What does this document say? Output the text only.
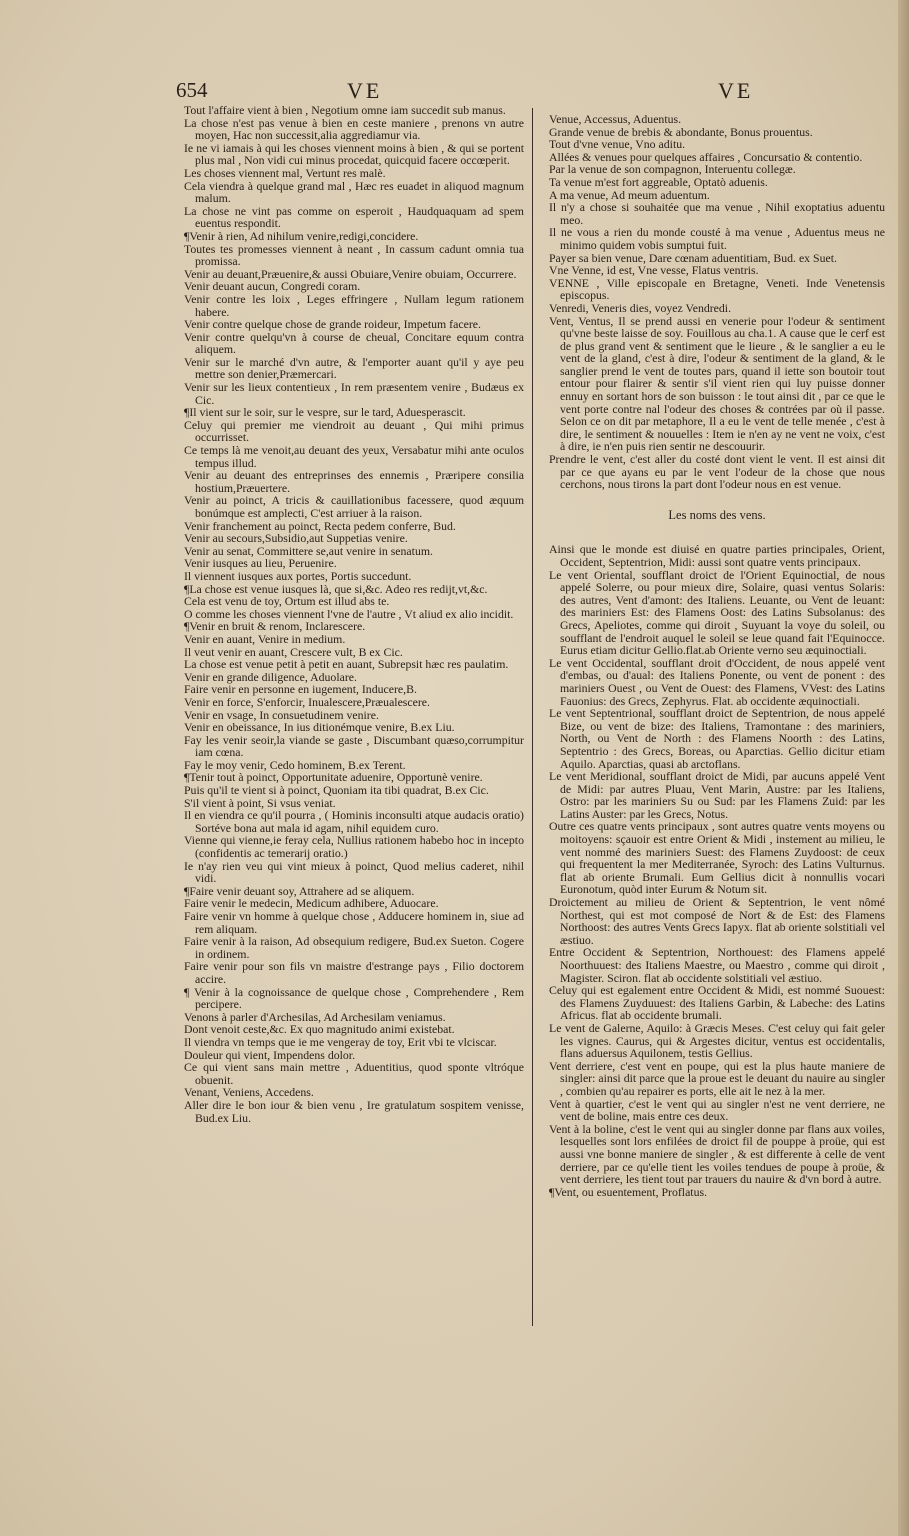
654	VE	VE

Tout l'affaire vient à bien , Negotium omne iam succedit sub manus.

La chose n'est pas venue à bien en ceste maniere , prenons vn autre moyen, Hac non successit,alia aggrediamur via.

Ie ne vi iamais à qui les choses viennent moins à bien , & qui se portent plus mal , Non vidi cui minus procedat, quicquid facere occœperit.

Les choses viennent mal, Vertunt res malè.

Cela viendra à quelque grand mal , Hæc res euadet in aliquod magnum malum.

La chose ne vint pas comme on esperoit , Haudquaquam ad spem euentus respondit.

¶Venir à rien, Ad nihilum venire,redigi,concidere.

Toutes tes promesses viennent à neant , In cassum cadunt omnia tua promissa.

Venir au deuant,Præuenire,& aussi Obuiare,Venire obuiam, Occurrere.

Venir deuant aucun, Congredi coram.

Venir contre les loix , Leges effringere , Nullam legum rationem habere.

Venir contre quelque chose de grande roideur, Impetum facere.

Venir contre quelqu'vn à course de cheual, Concitare equum contra aliquem.

Venir sur le marché d'vn autre, & l'emporter auant qu'il y aye peu mettre son denier,Præmercari.

Venir sur les lieux contentieux , In rem præsentem venire , Budæus ex Cic.

¶Il vient sur le soir, sur le vespre, sur le tard, Aduesperascit.

Celuy qui premier me viendroit au deuant , Qui mihi primus occurrisset.

Ce temps là me venoit,au deuant des yeux, Versabatur mihi ante oculos tempus illud.

Venir au deuant des entreprinses des ennemis , Præripere consilia hostium,Præuertere.

Venir au poinct, A tricis & cauillationibus facessere, quod æquum bonúmque est amplecti, C'est arriuer à la raison.

Venir franchement au poinct, Recta pedem conferre, Bud.

Venir au secours,Subsidio,aut Suppetias venire.

Venir au senat, Committere se,aut venire in senatum.

Venir iusques au lieu, Peruenire.

Il viennent iusques aux portes, Portis succedunt.

¶La chose est venue iusques là, que si,&c. Adeo res redijt,vt,&c.

Cela est venu de toy, Ortum est illud abs te.

O comme les choses viennent l'vne de l'autre , Vt aliud ex alio incidit.

¶Venir en bruit & renom, Inclarescere.

Venir en auant, Venire in medium.

Il veut venir en auant, Crescere vult, B ex Cic.

La chose est venue petit à petit en auant, Subrepsit hæc res paulatim.

Venir en grande diligence, Aduolare.

Faire venir en personne en iugement, Inducere,B.

Venir en force, S'enforcir, Inualescere,Præualescere.

Venir en vsage, In consuetudinem venire.

Venir en obeissance, In ius ditionémque venire, B.ex Liu.

Fay les venir seoir,la viande se gaste , Discumbant quæso,corrumpitur iam cœna.

Fay le moy venir, Cedo hominem, B.ex Terent.

¶Tenir tout à poinct, Opportunitate aduenire, Opportunè venire.

Puis qu'il te vient si à poinct, Quoniam ita tibi quadrat, B.ex Cic.

S'il vient à point, Si vsus veniat.

Il en viendra ce qu'il pourra , ( Hominis inconsulti atque audacis oratio) Sortéve bona aut mala id agam, nihil equidem curo.

Vienne qui vienne,ie feray cela, Nullius rationem habebo hoc in incepto (confidentis ac temerarij oratio.)

Ie n'ay rien veu qui vint mieux à poinct, Quod melius caderet, nihil vidi.

¶Faire venir deuant soy, Attrahere ad se aliquem.

Faire venir le medecin, Medicum adhibere, Aduocare.

Faire venir vn homme à quelque chose , Adducere hominem in, siue ad rem aliquam.

Faire venir à la raison, Ad obsequium redigere, Bud.ex Sueton. Cogere in ordinem.

Faire venir pour son fils vn maistre d'estrange pays , Filio doctorem accire.

¶ Venir à la cognoissance de quelque chose , Comprehendere , Rem percipere.

Venons à parler d'Archesilas, Ad Archesilam veniamus.

Dont venoit ceste,&c. Ex quo magnitudo animi existebat.

Il viendra vn temps que ie me vengeray de toy, Erit vbi te vlciscar.

Douleur qui vient, Impendens dolor.

Ce qui vient sans main mettre , Aduentitius, quod sponte vltróque obuenit.

Venant, Veniens, Accedens.

Aller dire le bon iour & bien venu , Ire gratulatum sospitem venisse, Bud.ex Liu.

Venue, Accessus, Aduentus.

Grande venue de brebis & abondante, Bonus prouentus.

Tout d'vne venue, Vno aditu.

Allées & venues pour quelques affaires , Concursatio & contentio.

Par la venue de son compagnon, Interuentu collegæ.

Ta venue m'est fort aggreable, Optatò aduenis.

A ma venue, Ad meum aduentum.

Il n'y a chose si souhaitée que ma venue , Nihil exoptatius aduentu meo.

Il ne vous a rien du monde cousté à ma venue , Aduentus meus ne minimo quidem vobis sumptui fuit.

Payer sa bien venue, Dare cœnam aduentitiam, Bud. ex Suet.

Vne Venne, id est, Vne vesse, Flatus ventris.

VENNE , Ville episcopale en Bretagne, Veneti. Inde Venetensis episcopus.

Venredi, Veneris dies, voyez Vendredi.

Vent, Ventus, Il se prend aussi en venerie pour l'odeur & sentiment qu'vne beste laisse de soy. Fouillous au cha.1. A cause que le cerf est de plus grand vent & sentiment que le lieure , & le sanglier a eu le vent de la gland, c'est à dire, l'odeur & sentiment de la gland, & le sanglier prend le vent de toutes pars, quand il iette son boutoir tout entour pour flairer & sentir s'il vient rien qui luy puisse donner ennuy en sortant hors de son buisson : le tout ainsi dit , par ce que le vent porte contre nal l'odeur des choses & contrées par où il passe. Selon ce on dit par metaphore, Il a eu le vent de telle menée , c'est à dire, le sentiment & nouuelles : Item ie n'en ay ne vent ne voix, c'est à dire, ie n'en puis rien sentir ne descouurir.

Prendre le vent, c'est aller du costé dont vient le vent. Il est ainsi dit par ce que ayans eu par le vent l'odeur de la chose que nous cerchons, nous tirons la part dont l'odeur nous en est venue.

Les noms des vens.

Ainsi que le monde est diuisé en quatre parties principales, Orient, Occident, Septentrion, Midi: aussi sont quatre vents principaux.

Le vent Oriental, soufflant droict de l'Orient Equinoctial, de nous appelé Solerre, ou pour mieux dire, Solaire, quasi ventus Solaris: des autres, Vent d'amont: des Italiens. Leuante, ou Vent de leuant: des mariniers Est: des Flamens Oost: des Latins Subsolanus: des Grecs, Apeliotes, comme qui diroit , Suyuant la voye du soleil, ou soufflant de l'endroit auquel le soleil se leue quand fait l'Equinocce. Eurus etiam dicitur Gellio.flat.ab Oriente verno seu æquinoctiali.

Le vent Occidental, soufflant droit d'Occident, de nous appelé vent d'embas, ou d'aual: des Italiens Ponente, ou vent de ponent : des mariniers Ouest , ou Vent de Ouest: des Flamens, VVest: des Latins Fauonius: des Grecs, Zephyrus. Flat. ab occidente æquinoctiali.

Le vent Septentrional, soufflant droict de Septentrion, de nous appelé Bize, ou vent de bize: des Italiens, Tramontane : des mariniers, North, ou Vent de North : des Flamens Noorth : des Latins, Septentrio : des Grecs, Boreas, ou Aparctias. Gellio dicitur etiam Aquilo. Aparctias, quasi ab arctoflans.

Le vent Meridional, soufflant droict de Midi, par aucuns appelé Vent de Midi: par autres Pluau, Vent Marin, Austre: par les Italiens, Ostro: par les mariniers Su ou Sud: par les Flamens Zuid: par les Latins Auster: par les Grecs, Notus.

Outre ces quatre vents principaux , sont autres quatre vents moyens ou moitoyens: sçauoir est entre Orient & Midi , instement au milieu, le vent nommé des mariniers Suest: des Flamens Zuydoost: de ceux qui frequentent la mer Mediterranée, Syroch: des Latins Vulturnus. flat ab oriente Brumali. Eum Gellius dicit à nonnullis vocari Euronotum, quòd inter Eurum & Notum sit.

Droictement au milieu de Orient & Septentrion, le vent nômé Northest, qui est mot composé de Nort & de Est: des Flamens Northoost: des autres Vents Grecs Iapyx. flat ab oriente solstitiali vel æstiuo.

Entre Occident & Septentrion, Northouest: des Flamens appelé Noorthuuest: des Italiens Maestre, ou Maestro , comme qui diroit , Magister. Sciron. flat ab occidente solstitiali vel æstiuo.

Celuy qui est egalement entre Occident & Midi, est nommé Suouest: des Flamens Zuyduuest: des Italiens Garbin, & Labeche: des Latins Africus. flat ab occidente brumali.

Le vent de Galerne, Aquilo: à Græcis Meses. C'est celuy qui fait geler les vignes. Caurus, qui & Argestes dicitur, ventus est occidentalis, flans aduersus Aquilonem, testis Gellius.

Vent derriere, c'est vent en poupe, qui est la plus haute maniere de singler: ainsi dit parce que la proue est le deuant du nauire au singler , combien qu'au repairer es ports, elle ait le nez à la mer.

Vent à quartier, c'est le vent qui au singler n'est ne vent derriere, ne vent de boline, mais entre ces deux.

Vent à la boline, c'est le vent qui au singler donne par flans aux voiles, lesquelles sont lors enfilées de droict fil de pouppe à proüe, qui est aussi vne bonne maniere de singler , & est differente à celle de vent derriere, par ce qu'elle tient les voiles tendues de poupe à proüe, & vent derriere, les tient tout par trauers du nauire & d'vn bord à autre.

¶Vent, ou esuentement, Proflatus.
